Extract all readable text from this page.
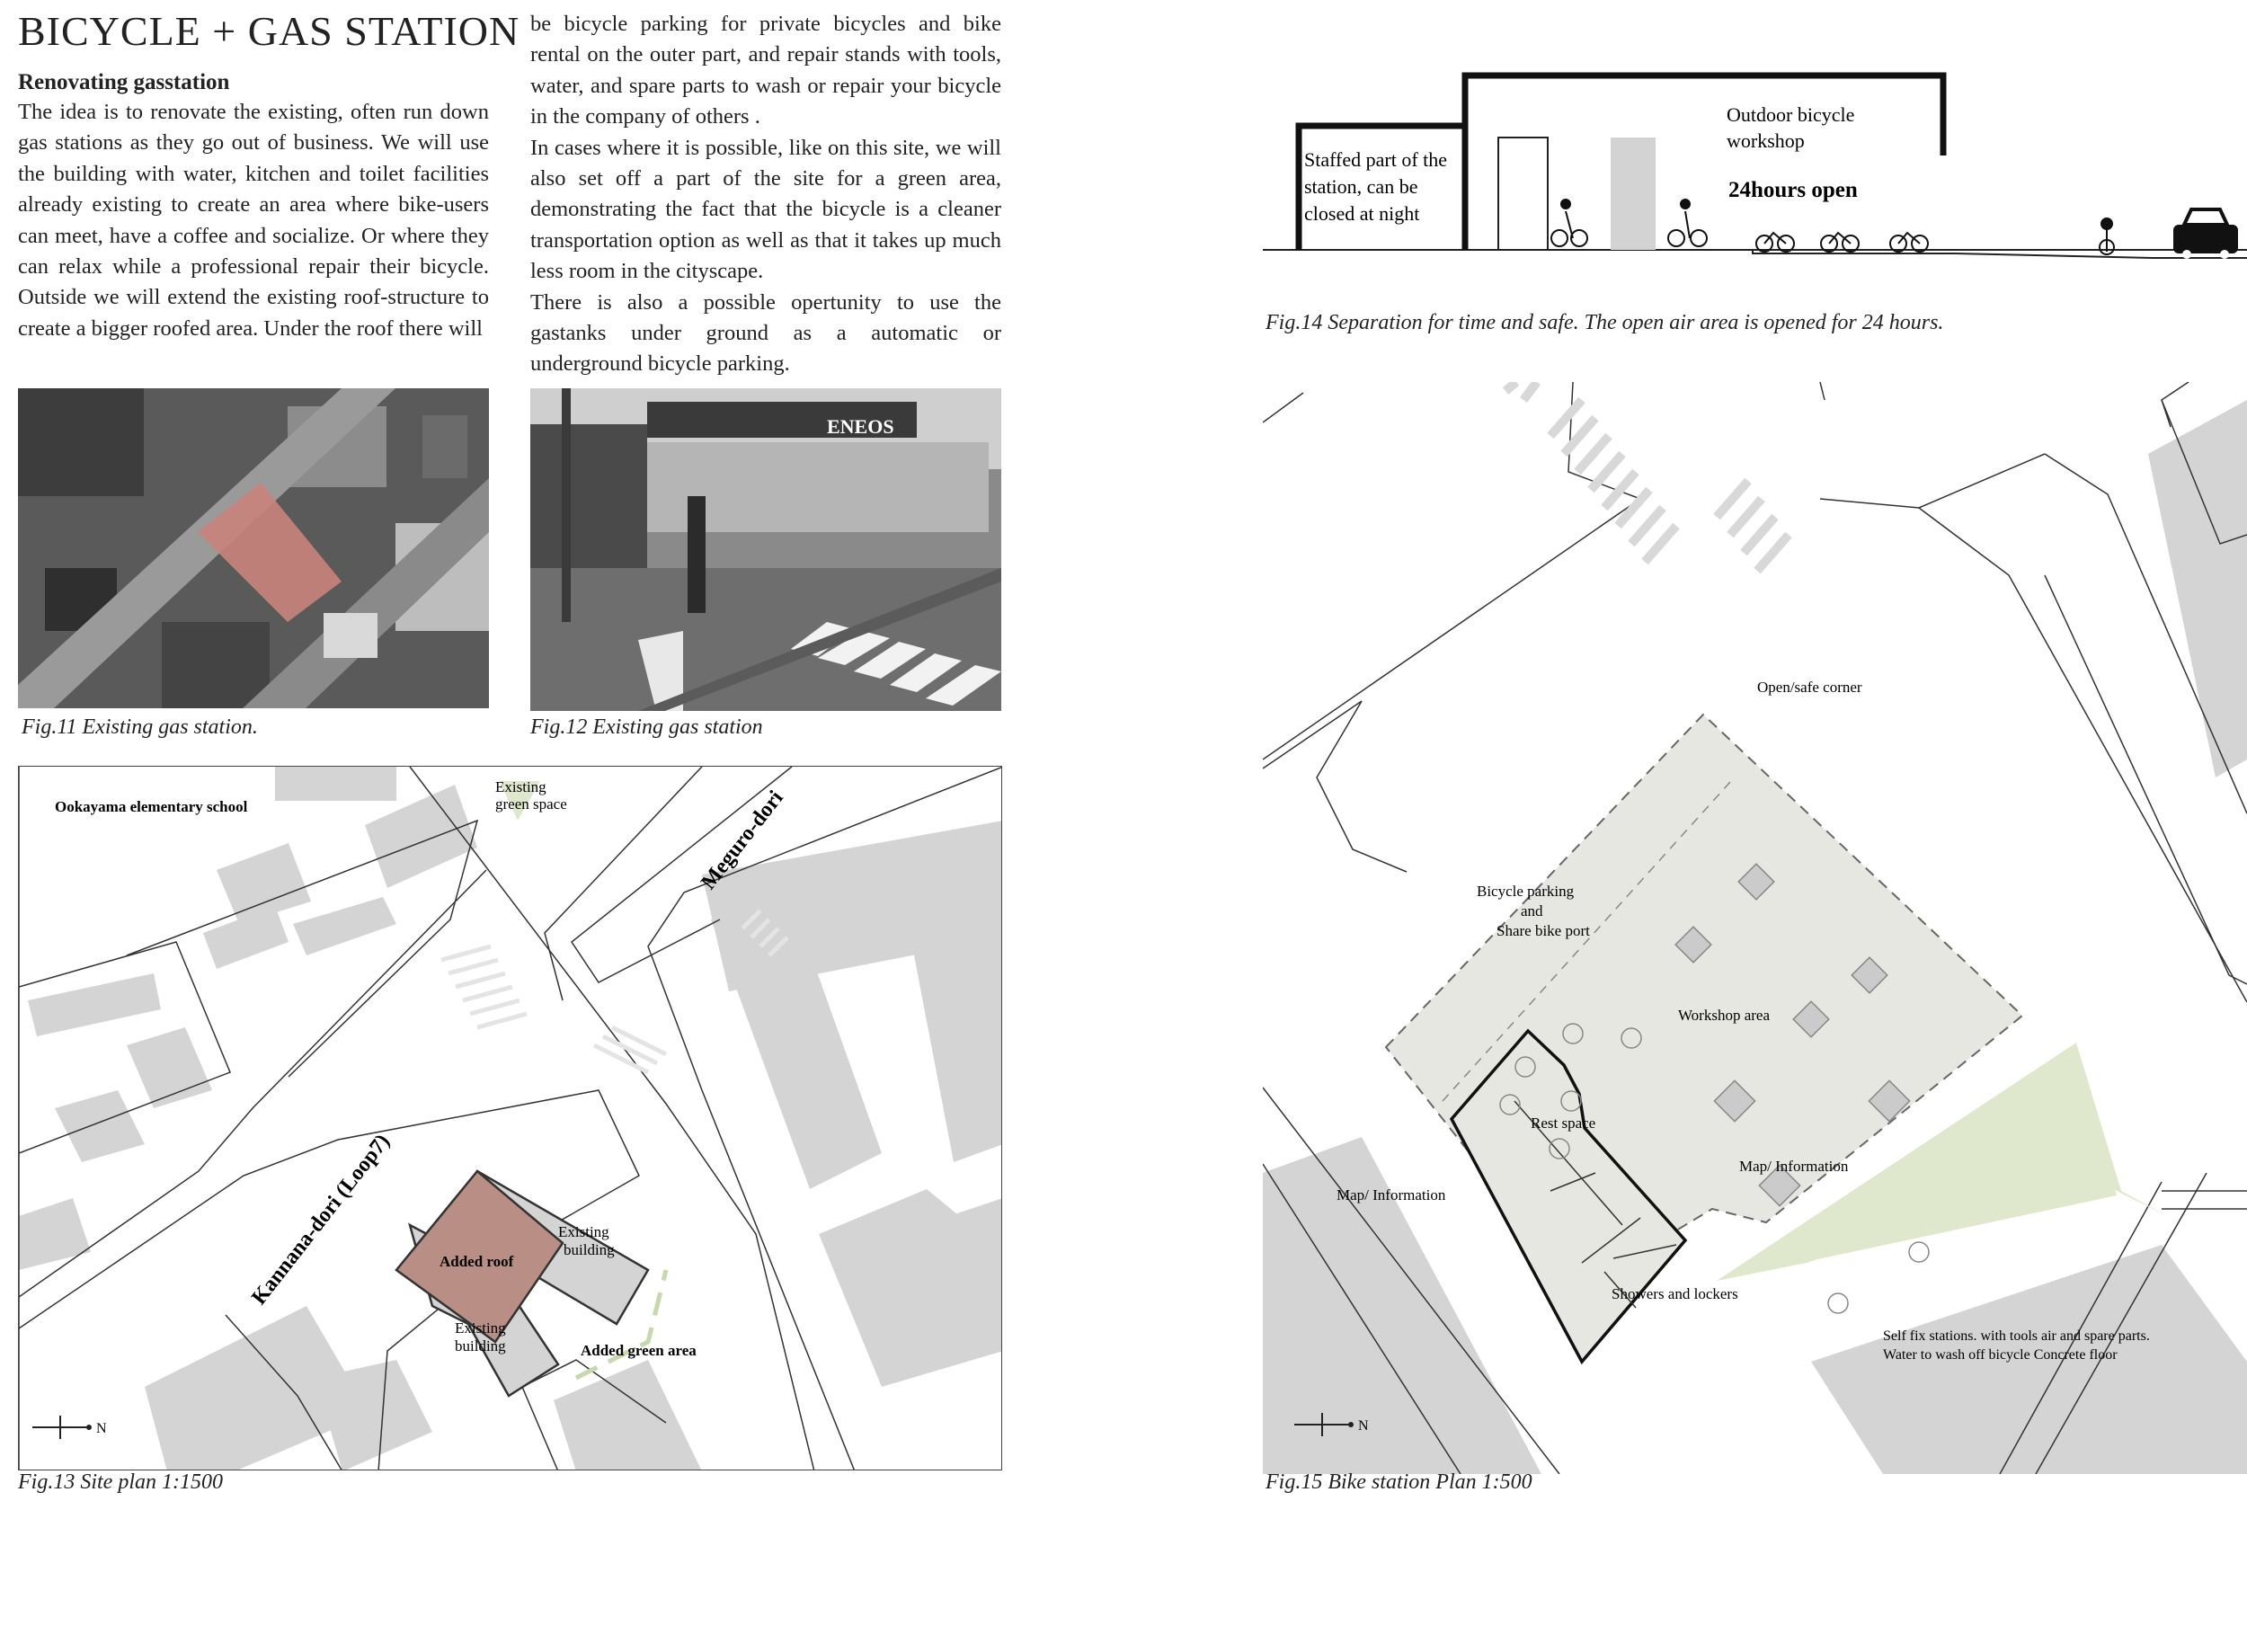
BICYCLE + GAS STATION
Renovating gasstation
The idea is to renovate the existing, often run down gas stations as they go out of business. We will use the building with water, kitchen and toilet facilities already existing to create an area where bike-users can meet, have a coffee and socialize. Or where they can relax while a professional repair their bicycle. Outside we will extend the existing roof-structure to create a bigger roofed area. Under the roof there will

be bicycle parking for private bicycles and bike rental on the outer part, and repair stands with tools, water, and spare parts to wash or repair your bicycle in the company of others .

In cases where it is possible, like on this site, we will also set off a part of the site for a green area, demonstrating the fact that the bicycle is a cleaner transportation option as well as that it takes up much less room in the cityscape.

There is also a possible opertunity to use the gastanks under ground as a automatic or underground bicycle parking.

Fig.11 Existing gas station.
ENEOS
Fig.12 Existing gas station
Ookayama elementary school
Existing
green space	Meguro-dori
Kannana-dori (Loop7)	Added roof
Existing
building
Existing
building	Added green area
N
Fig.13 Site plan 1:1500
Staffed part of the
station, can be
closed at night
Outdoor bicycle
workshop
24hours open
Fig.14 Separation for time and safe. The open air area is opened for 24 hours.
Open/safe corner
Bicycle parking
and
Share bike port
Workshop area
Rest space
Map/ Information
Map/ Information
Showers and lockers
Self fix stations. with tools air and spare parts.
Water to wash off bicycle Concrete floor
N
Fig.15 Bike station Plan 1:500
